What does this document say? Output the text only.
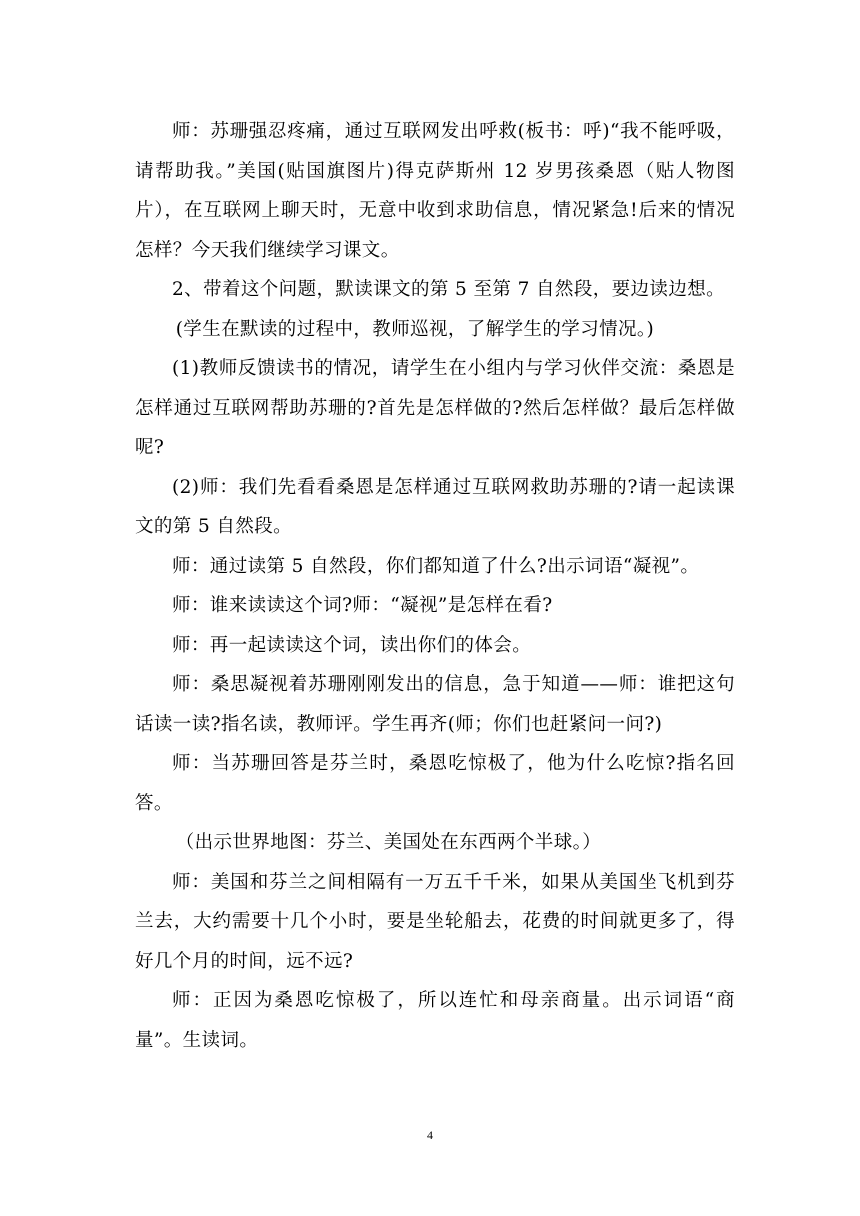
师：苏珊强忍疼痛，通过互联网发出呼救(板书：呼)“我不能呼吸，请帮助我。”美国(贴国旗图片)得克萨斯州 12 岁男孩桑恩（贴人物图片），在互联网上聊天时，无意中收到求助信息，情况紧急!后来的情况怎样？今天我们继续学习课文。

2、带着这个问题，默读课文的第 5 至第 7 自然段，要边读边想。

(学生在默读的过程中，教师巡视，了解学生的学习情况。)

(1)教师反馈读书的情况，请学生在小组内与学习伙伴交流：桑恩是怎样通过互联网帮助苏珊的?首先是怎样做的?然后怎样做？最后怎样做呢?

(2)师：我们先看看桑恩是怎样通过互联网救助苏珊的?请一起读课文的第 5 自然段。

师：通过读第 5 自然段，你们都知道了什么?出示词语“凝视”。

师：谁来读读这个词?师：“凝视”是怎样在看?

师：再一起读读这个词，读出你们的体会。

师：桑思凝视着苏珊刚刚发出的信息，急于知道——师：谁把这句话读一读?指名读，教师评。学生再齐(师；你们也赶紧问一问?)

师：当苏珊回答是芬兰时，桑恩吃惊极了，他为什么吃惊?指名回答。

（出示世界地图：芬兰、美国处在东西两个半球。）

师：美国和芬兰之间相隔有一万五千千米，如果从美国坐飞机到芬兰去，大约需要十几个小时，要是坐轮船去，花费的时间就更多了，得好几个月的时间，远不远?

师：正因为桑恩吃惊极了，所以连忙和母亲商量。出示词语“商量”。生读词。

4
